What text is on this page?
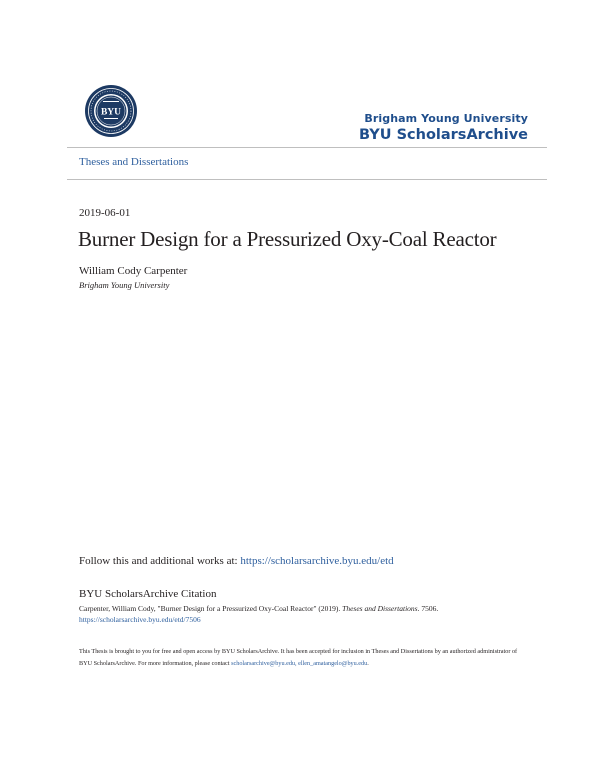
BYU	Brigham Young University
BYU ScholarsArchive
Theses and Dissertations
2019-06-01
Burner Design for a Pressurized Oxy-Coal Reactor
William Cody Carpenter
Brigham Young University
Follow this and additional works at: https://scholarsarchive.byu.edu/etd
BYU ScholarsArchive Citation
Carpenter, William Cody, "Burner Design for a Pressurized Oxy-Coal Reactor" (2019). Theses and Dissertations. 7506.
https://scholarsarchive.byu.edu/etd/7506
This Thesis is brought to you for free and open access by BYU ScholarsArchive. It has been accepted for inclusion in Theses and Dissertations by an authorized administrator of BYU ScholarsArchive. For more information, please contact scholarsarchive@byu.edu, ellen_amatangelo@byu.edu.
